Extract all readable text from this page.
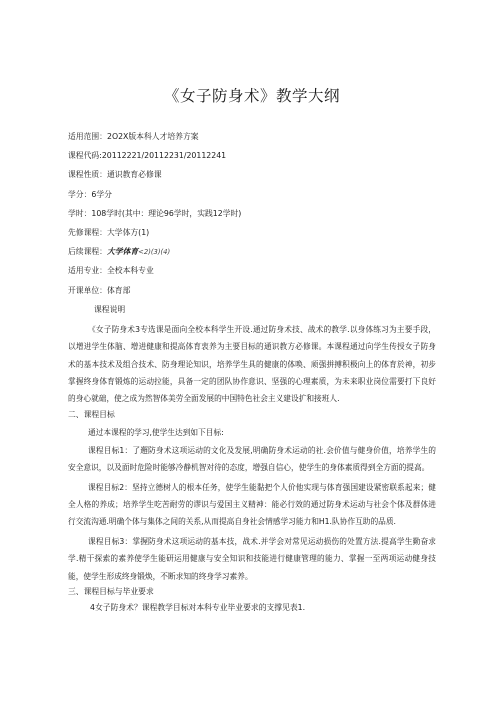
《女子防身术》教学大纲
适用范围：2O2X版本科人才培养方案
课程代码:20112221/20112231/20112241
课程性质：通识教育必修课
学分：6学分
学时：108学时(其中：理论96学时，实践12学时)
先修课程：大学体方(1)
后续课程：大学体育<2)(3)(4)
适用专业：全校本科专业
开课单位：体育部
课程说明
《女子防身术3专选课是面向全校本科学生开设.通过防身术技、战术的教学.以身体练习为主要手段，以增进学生体脑、增进健康和提高体育衷养为主要目标的通识教方必修课。本课程通过向学生传授女子防身术的基本技术及组合技术、防身理论知识，培养学生具的健康的体唤、顽强拼搏积极向上的体育於神，初步掌握终身体育锻炼的运动拉能，具备一定的团队协作意识、坚强的心理素质，为未来职业岗位需要打下良好的身心就础，使之成为然智体美劳全面发展的中国特色社会主义建设扩和接班人.
二、课程目标
通过本课程的学习,使学生达到如下目标:
课程目标1：了邂防身术这项运动的文化及发展,明确防身术运动的社.会价值与健身价值，培养学生的安全意识，以及面时危险时能够冷静机智对待的态度，增强自信心，使学生的身体素质得到全方面的提高。
课程目标2：坚持立德树人的根本任务，使学生能黏把个人价他实现与体育强国建设紧密联系起来；健全人格的养成；培养学生吃苦耐劳的谬识与爱国主义精神：能必行效的通过防身术运动与社会个体及群体进行交流沟通.明确个体与集体之间的关系,从而提高自身社会情感学习能力和H1.队协作互助的品质.
课程目标3：掌握防身术这项运动的基本技，战术.并学会对常见运动损伤的处置方法.提高学生勤奋求学.精干探索的素养使学生能研运用健康与安全知识和技能进行健康管理的能力、掌握一至两项运动健身技能，使学生形成终身锻焕，不断求知的终身学习素养。
三、课程目标与毕业要求
4女子防身术？课程教学目标对本科专业毕业要求的支撑见表1.
